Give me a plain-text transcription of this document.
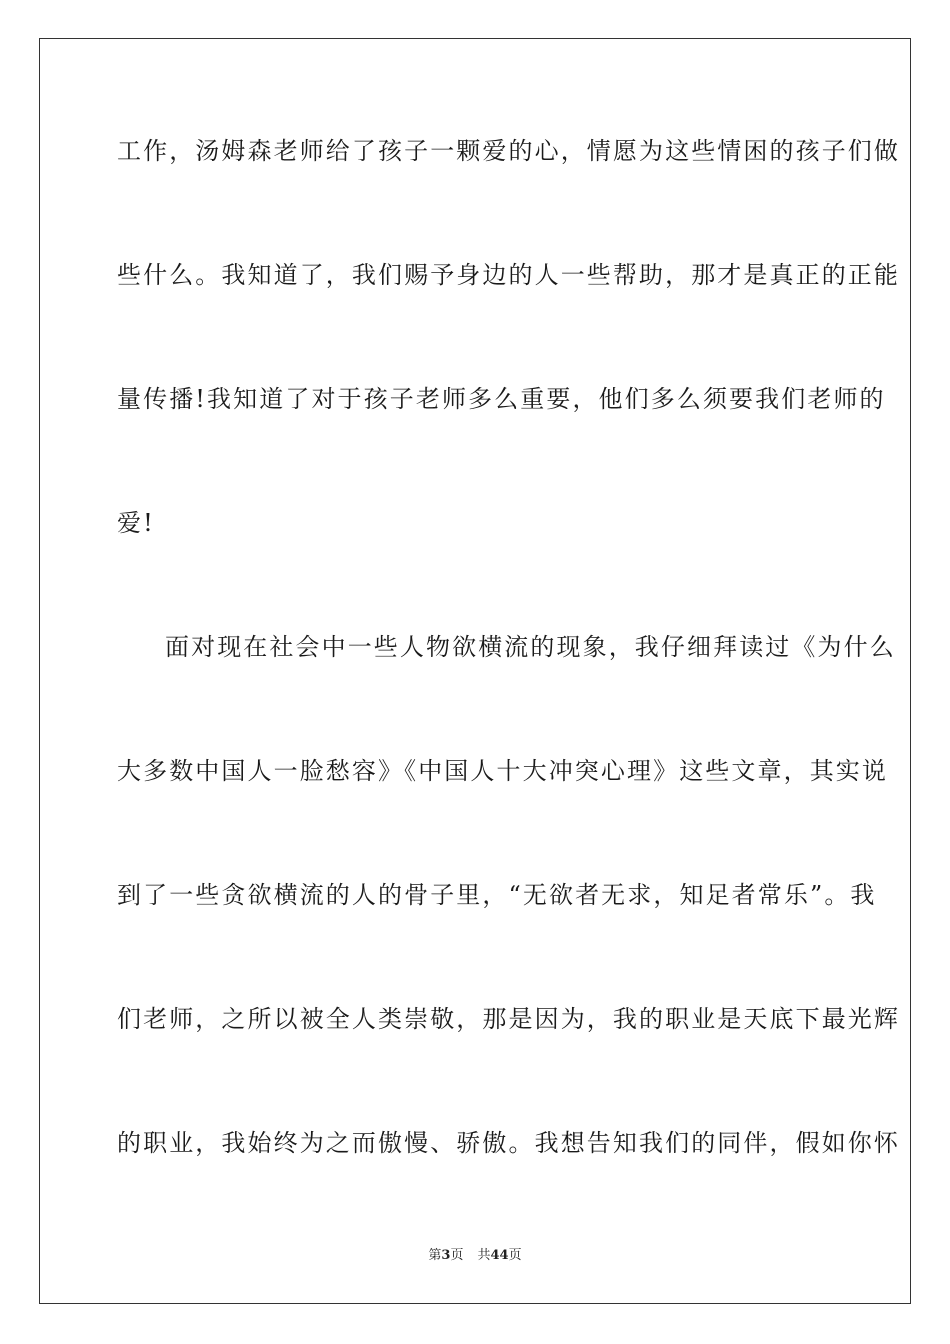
工作，汤姆森老师给了孩子一颗爱的心，情愿为这些情困的孩子们做
些什么。我知道了，我们赐予身边的人一些帮助，那才是真正的正能
量传播!我知道了对于孩子老师多么重要，他们多么须要我们老师的
爱!
面对现在社会中一些人物欲横流的现象，我仔细拜读过《为什么
大多数中国人一脸愁容》《中国人十大冲突心理》这些文章，其实说
到了一些贪欲横流的人的骨子里，“无欲者无求，知足者常乐”。我
们老师，之所以被全人类崇敬，那是因为，我的职业是天底下最光辉
的职业，我始终为之而傲慢、骄傲。我想告知我们的同伴，假如你怀
第3页 共44页
